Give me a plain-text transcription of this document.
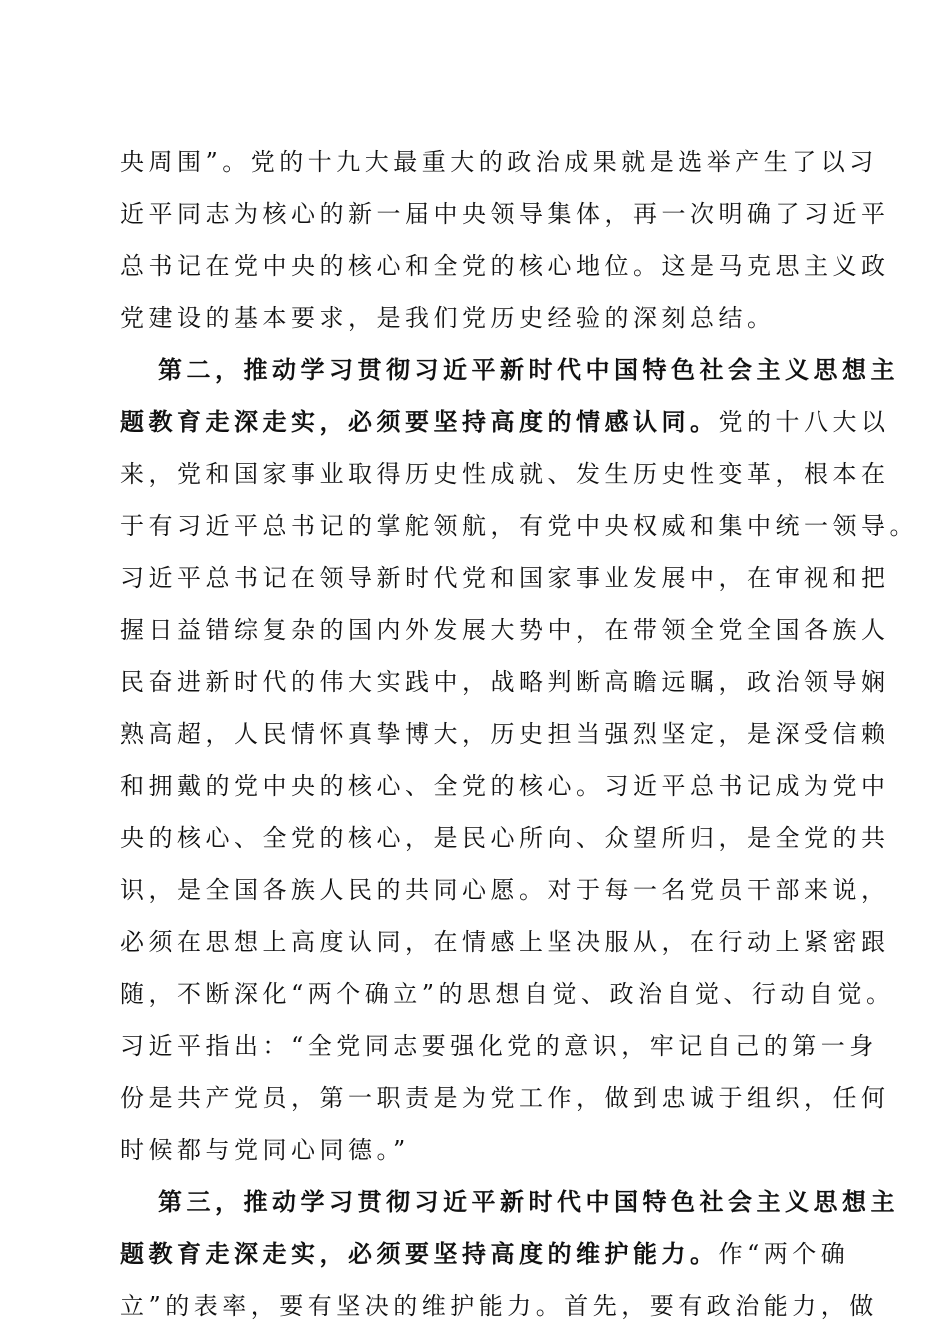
央周围”。党的十九大最重大的政治成果就是选举产生了以习
近平同志为核心的新一届中央领导集体，再一次明确了习近平
总书记在党中央的核心和全党的核心地位。这是马克思主义政
党建设的基本要求，是我们党历史经验的深刻总结。
第二，推动学习贯彻习近平新时代中国特色社会主义思想主
题教育走深走实，必须要坚持高度的情感认同。党的十八大以
来，党和国家事业取得历史性成就、发生历史性变革，根本在
于有习近平总书记的掌舵领航，有党中央权威和集中统一领导。
习近平总书记在领导新时代党和国家事业发展中，在审视和把
握日益错综复杂的国内外发展大势中，在带领全党全国各族人
民奋进新时代的伟大实践中，战略判断高瞻远瞩，政治领导娴
熟高超，人民情怀真挚博大，历史担当强烈坚定，是深受信赖
和拥戴的党中央的核心、全党的核心。习近平总书记成为党中
央的核心、全党的核心，是民心所向、众望所归，是全党的共
识，是全国各族人民的共同心愿。对于每一名党员干部来说，
必须在思想上高度认同，在情感上坚决服从，在行动上紧密跟
随，不断深化“两个确立”的思想自觉、政治自觉、行动自觉。
习近平指出：“全党同志要强化党的意识，牢记自己的第一身
份是共产党员，第一职责是为党工作，做到忠诚于组织，任何
时候都与党同心同德。”
第三，推动学习贯彻习近平新时代中国特色社会主义思想主
题教育走深走实，必须要坚持高度的维护能力。作“两个确
立”的表率，要有坚决的维护能力。首先，要有政治能力，做
